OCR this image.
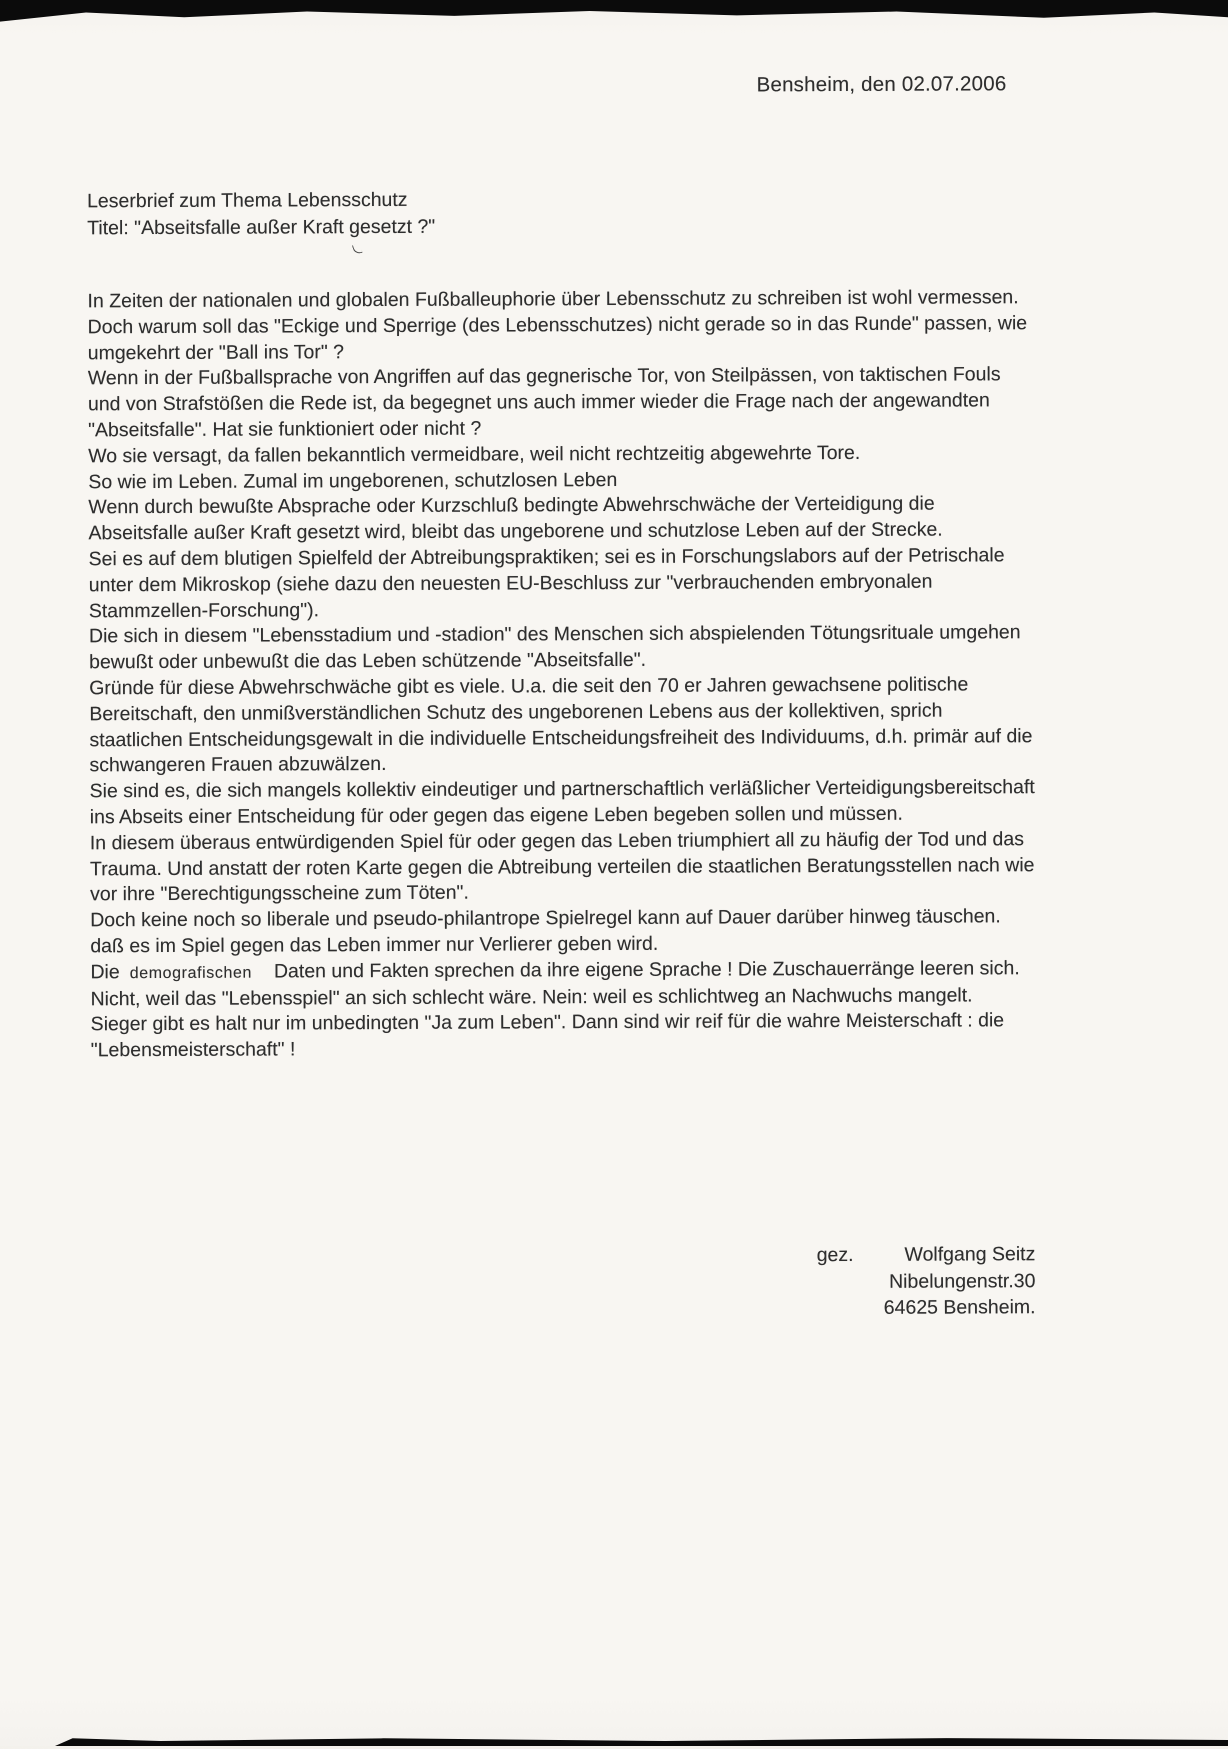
Bensheim, den 02.07.2006
Leserbrief zum Thema Lebensschutz
Titel: "Abseitsfalle außer Kraft gesetzt ?"

In Zeiten der nationalen und globalen Fußballeuphorie über Lebensschutz zu schreiben ist wohl vermessen. Doch warum soll das "Eckige und Sperrige (des Lebensschutzes) nicht gerade so in das Runde" passen, wie umgekehrt der "Ball ins Tor" ?

Wenn in der Fußballsprache von Angriffen auf das gegnerische Tor, von Steilpässen, von taktischen Fouls und von Strafstößen die Rede ist, da begegnet uns auch immer wieder die Frage nach der angewandten "Abseitsfalle". Hat sie funktioniert oder nicht ?

Wo sie versagt, da fallen bekanntlich vermeidbare, weil nicht rechtzeitig abgewehrte Tore.

So wie im Leben. Zumal im ungeborenen, schutzlosen Leben

Wenn durch bewußte Absprache oder Kurzschluß bedingte Abwehrschwäche der Verteidigung die Abseitsfalle außer Kraft gesetzt wird, bleibt das ungeborene und schutzlose Leben auf der Strecke.

Sei es auf dem blutigen Spielfeld der Abtreibungspraktiken; sei es in Forschungslabors auf der Petrischale unter dem Mikroskop (siehe dazu den neuesten EU-Beschluss zur "verbrauchenden embryonalen Stammzellen-Forschung").

Die sich in diesem "Lebensstadium und -stadion" des Menschen sich abspielenden Tötungsrituale umgehen bewußt oder unbewußt die das Leben schützende "Abseitsfalle".

Gründe für diese Abwehrschwäche gibt es viele. U.a. die seit den 70 er Jahren gewachsene politische Bereitschaft, den unmißverständlichen Schutz des ungeborenen Lebens aus der kollektiven, sprich staatlichen Entscheidungsgewalt in die individuelle Entscheidungsfreiheit des Individuums, d.h. primär auf die schwangeren Frauen abzuwälzen.

Sie sind es, die sich mangels kollektiv eindeutiger und partnerschaftlich verläßlicher Verteidigungsbereitschaft ins Abseits einer Entscheidung für oder gegen das eigene Leben begeben sollen und müssen.

In diesem überaus entwürdigenden Spiel für oder gegen das Leben triumphiert all zu häufig der Tod und das Trauma. Und anstatt der roten Karte gegen die Abtreibung verteilen die staatlichen Beratungsstellen nach wie vor ihre "Berechtigungsscheine zum Töten".

Doch keine noch so liberale und pseudo-philantrope Spielregel kann auf Dauer darüber hinweg täuschen. daß es im Spiel gegen das Leben immer nur Verlierer geben wird.

Die demografischen Daten und Fakten sprechen da ihre eigene Sprache ! Die Zuschauerränge leeren sich. Nicht, weil das "Lebensspiel" an sich schlecht wäre. Nein: weil es schlichtweg an Nachwuchs mangelt.

Sieger gibt es halt nur im unbedingten "Ja zum Leben". Dann sind wir reif für die wahre Meisterschaft : die "Lebensmeisterschaft" !

gez.	Wolfgang Seitz
Nibelungenstr.30
64625 Bensheim.
